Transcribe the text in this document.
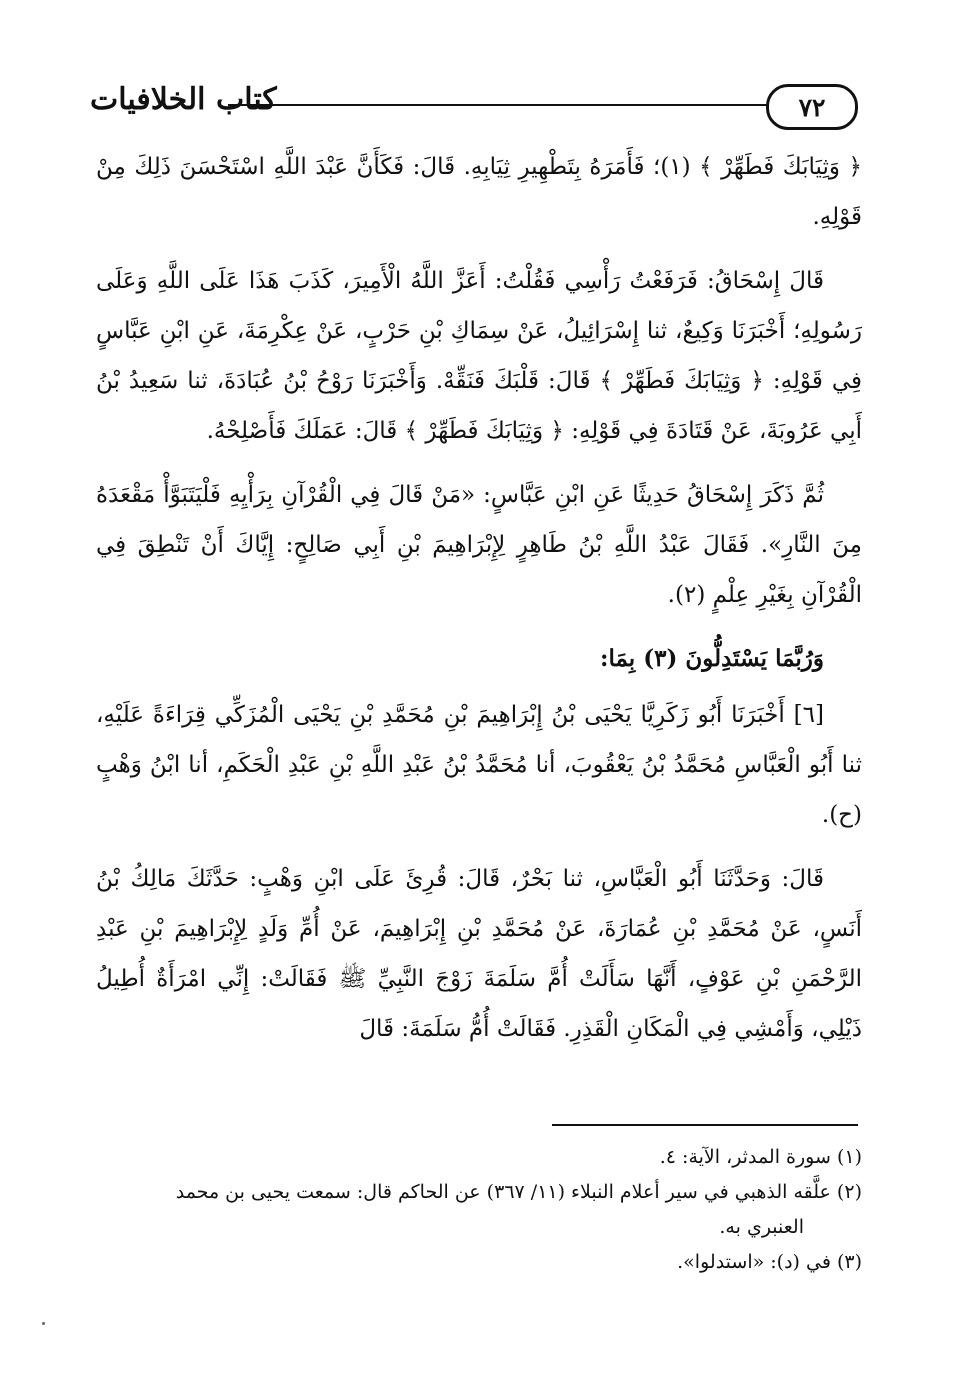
كتاب الخلافيات	٧٢

﴿ وَثِيَابَكَ فَطَهِّرْ ﴾ (١)؛ فَأَمَرَهُ بِتَطْهِيرِ ثِيَابِهِ. قَالَ: فَكَأَنَّ عَبْدَ اللَّهِ اسْتَحْسَنَ ذَلِكَ مِنْ قَوْلِهِ.

قَالَ إِسْحَاقُ: فَرَفَعْتُ رَأْسِي فَقُلْتُ: أَعَزَّ اللَّهُ الْأَمِيرَ، كَذَبَ هَذَا عَلَى اللَّهِ وَعَلَى رَسُولِهِ؛ أَخْبَرَنَا وَكِيعٌ، ثنا إِسْرَائِيلُ، عَنْ سِمَاكِ بْنِ حَرْبٍ، عَنْ عِكْرِمَةَ، عَنِ ابْنِ عَبَّاسٍ فِي قَوْلِهِ: ﴿ وَثِيَابَكَ فَطَهِّرْ ﴾ قَالَ: قَلْبَكَ فَنَقِّهْ. وَأَخْبَرَنَا رَوْحُ بْنُ عُبَادَةَ، ثنا سَعِيدُ بْنُ أَبِي عَرُوبَةَ، عَنْ قَتَادَةَ فِي قَوْلِهِ: ﴿ وَثِيَابَكَ فَطَهِّرْ ﴾ قَالَ: عَمَلَكَ فَأَصْلِحْهُ.

ثُمَّ ذَكَرَ إِسْحَاقُ حَدِيثًا عَنِ ابْنِ عَبَّاسٍ: «مَنْ قَالَ فِي الْقُرْآنِ بِرَأْيِهِ فَلْيَتَبَوَّأْ مَقْعَدَهُ مِنَ النَّارِ». فَقَالَ عَبْدُ اللَّهِ بْنُ طَاهِرٍ لِإِبْرَاهِيمَ بْنِ أَبِي صَالِحٍ: إِيَّاكَ أَنْ تَنْطِقَ فِي الْقُرْآنِ بِغَيْرِ عِلْمٍ (٢).

وَرُبَّمَا يَسْتَدِلُّونَ (٣) بِمَا:

[٦] أَخْبَرَنَا أَبُو زَكَرِيَّا يَحْيَى بْنُ إِبْرَاهِيمَ بْنِ مُحَمَّدِ بْنِ يَحْيَى الْمُزَكِّي قِرَاءَةً عَلَيْهِ، ثنا أَبُو الْعَبَّاسِ مُحَمَّدُ بْنُ يَعْقُوبَ، أنا مُحَمَّدُ بْنُ عَبْدِ اللَّهِ بْنِ عَبْدِ الْحَكَمِ، أنا ابْنُ وَهْبٍ (ح).

قَالَ: وَحَدَّثَنَا أَبُو الْعَبَّاسِ، ثنا بَحْرٌ، قَالَ: قُرِئَ عَلَى ابْنِ وَهْبٍ: حَدَّثَكَ مَالِكُ بْنُ أَنَسٍ، عَنْ مُحَمَّدِ بْنِ عُمَارَةَ، عَنْ مُحَمَّدِ بْنِ إِبْرَاهِيمَ، عَنْ أُمِّ وَلَدٍ لِإِبْرَاهِيمَ بْنِ عَبْدِ الرَّحْمَنِ بْنِ عَوْفٍ، أَنَّهَا سَأَلَتْ أُمَّ سَلَمَةَ زَوْجَ النَّبِيِّ ﷺ فَقَالَتْ: إِنِّي امْرَأَةٌ أُطِيلُ ذَيْلِي، وَأَمْشِي فِي الْمَكَانِ الْقَذِرِ. فَقَالَتْ أُمُّ سَلَمَةَ: قَالَ

(١) سورة المدثر، الآية: ٤.

(٢) علَّقه الذهبي في سير أعلام النبلاء (١١/ ٣٦٧) عن الحاكم قال: سمعت يحيى بن محمد

العنبري به.

(٣) في (د): «استدلوا».
